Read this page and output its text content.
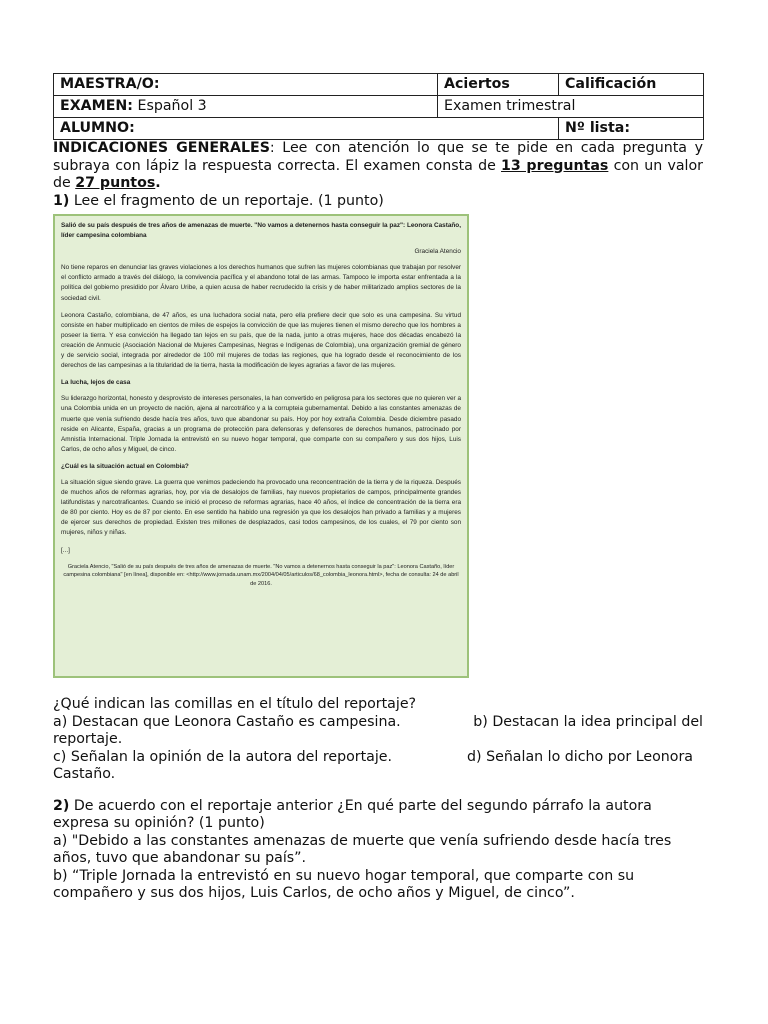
MAESTRA/O:	Aciertos	Calificación
EXAMEN: Español 3	Examen trimestral	
ALUMNO:		Nº lista:
INDICACIONES GENERALES: Lee con atención lo que se te pide en cada pregunta y subraya con lápiz la respuesta correcta. El examen consta de 13 preguntas con un valor de 27 puntos.
1) Lee el fragmento de un reportaje. (1 punto)

Salió de su país después de tres años de amenazas de muerte. "No vamos a detenernos hasta conseguir la paz": Leonora Castaño, líder campesina colombiana

Graciela Atencio

No tiene reparos en denunciar las graves violaciones a los derechos humanos que sufren las mujeres colombianas que trabajan por resolver el conflicto armado a través del diálogo, la convivencia pacífica y el abandono total de las armas. Tampoco le importa estar enfrentada a la política del gobierno presidido por Álvaro Uribe, a quien acusa de haber recrudecido la crisis y de haber militarizado amplios sectores de la sociedad civil.

Leonora Castaño, colombiana, de 47 años, es una luchadora social nata, pero ella prefiere decir que solo es una campesina. Su virtud consiste en haber multiplicado en cientos de miles de espejos la convicción de que las mujeres tienen el mismo derecho que los hombres a poseer la tierra. Y esa convicción ha llegado tan lejos en su país, que de la nada, junto a otras mujeres, hace dos décadas encabezó la creación de Anmucic (Asociación Nacional de Mujeres Campesinas, Negras e Indígenas de Colombia), una organización gremial de género y de servicio social, integrada por alrededor de 100 mil mujeres de todas las regiones, que ha logrado desde el reconocimiento de los derechos de las campesinas a la titularidad de la tierra, hasta la modificación de leyes agrarias a favor de las mujeres.

La lucha, lejos de casa

Su liderazgo horizontal, honesto y desprovisto de intereses personales, la han convertido en peligrosa para los sectores que no quieren ver a una Colombia unida en un proyecto de nación, ajena al narcotráfico y a la corrupteia gubernamental. Debido a las constantes amenazas de muerte que venía sufriendo desde hacía tres años, tuvo que abandonar su país. Hoy por hoy extraña Colombia. Desde diciembre pasado reside en Alicante, España, gracias a un programa de protección para defensoras y defensores de derechos humanos, patrocinado por Amnistía Internacional. Triple Jornada la entrevistó en su nuevo hogar temporal, que comparte con su compañero y sus dos hijos, Luis Carlos, de ocho años y Miguel, de cinco.

¿Cuál es la situación actual en Colombia?

La situación sigue siendo grave. La guerra que venimos padeciendo ha provocado una reconcentración de la tierra y de la riqueza. Después de muchos años de reformas agrarias, hoy, por vía de desalojos de familias, hay nuevos propietarios de campos, principalmente grandes latifundistas y narcotraficantes. Cuando se inició el proceso de reformas agrarias, hace 40 años, el índice de concentración de la tierra era de 80 por ciento. Hoy es de 87 por ciento. En ese sentido ha habido una regresión ya que los desalojos han privado a familias y a mujeres de ejercer sus derechos de propiedad. Existen tres millones de desplazados, casi todos campesinos, de los cuales, el 79 por ciento son mujeres, niños y niñas.

[...]

Graciela Atencio, "Salió de su país después de tres años de amenazas de muerte. "No vamos a detenernos hasta conseguir la paz": Leonora Castaño, líder campesina colombiana" [en línea], disponible en: <http://www.jornada.unam.mx/2004/04/05/articulos/68_colombia_leonora.html>, fecha de consulta: 24 de abril de 2016.

¿Qué indican las comillas en el título del reportaje?
a) Destacan que Leonora Castaño es campesina.	b) Destacan la idea principal del
reportaje.
c) Señalan la opinión de la autora del reportaje.	d) Señalan lo dicho por Leonora
Castaño.
2) De acuerdo con el reportaje anterior ¿En qué parte del segundo párrafo la autora expresa su opinión? (1 punto)
a) "Debido a las constantes amenazas de muerte que venía sufriendo desde hacía tres años, tuvo que abandonar su país”.
b) “Triple Jornada la entrevistó en su nuevo hogar temporal, que comparte con su compañero y sus dos hijos, Luis Carlos, de ocho años y Miguel, de cinco”.
